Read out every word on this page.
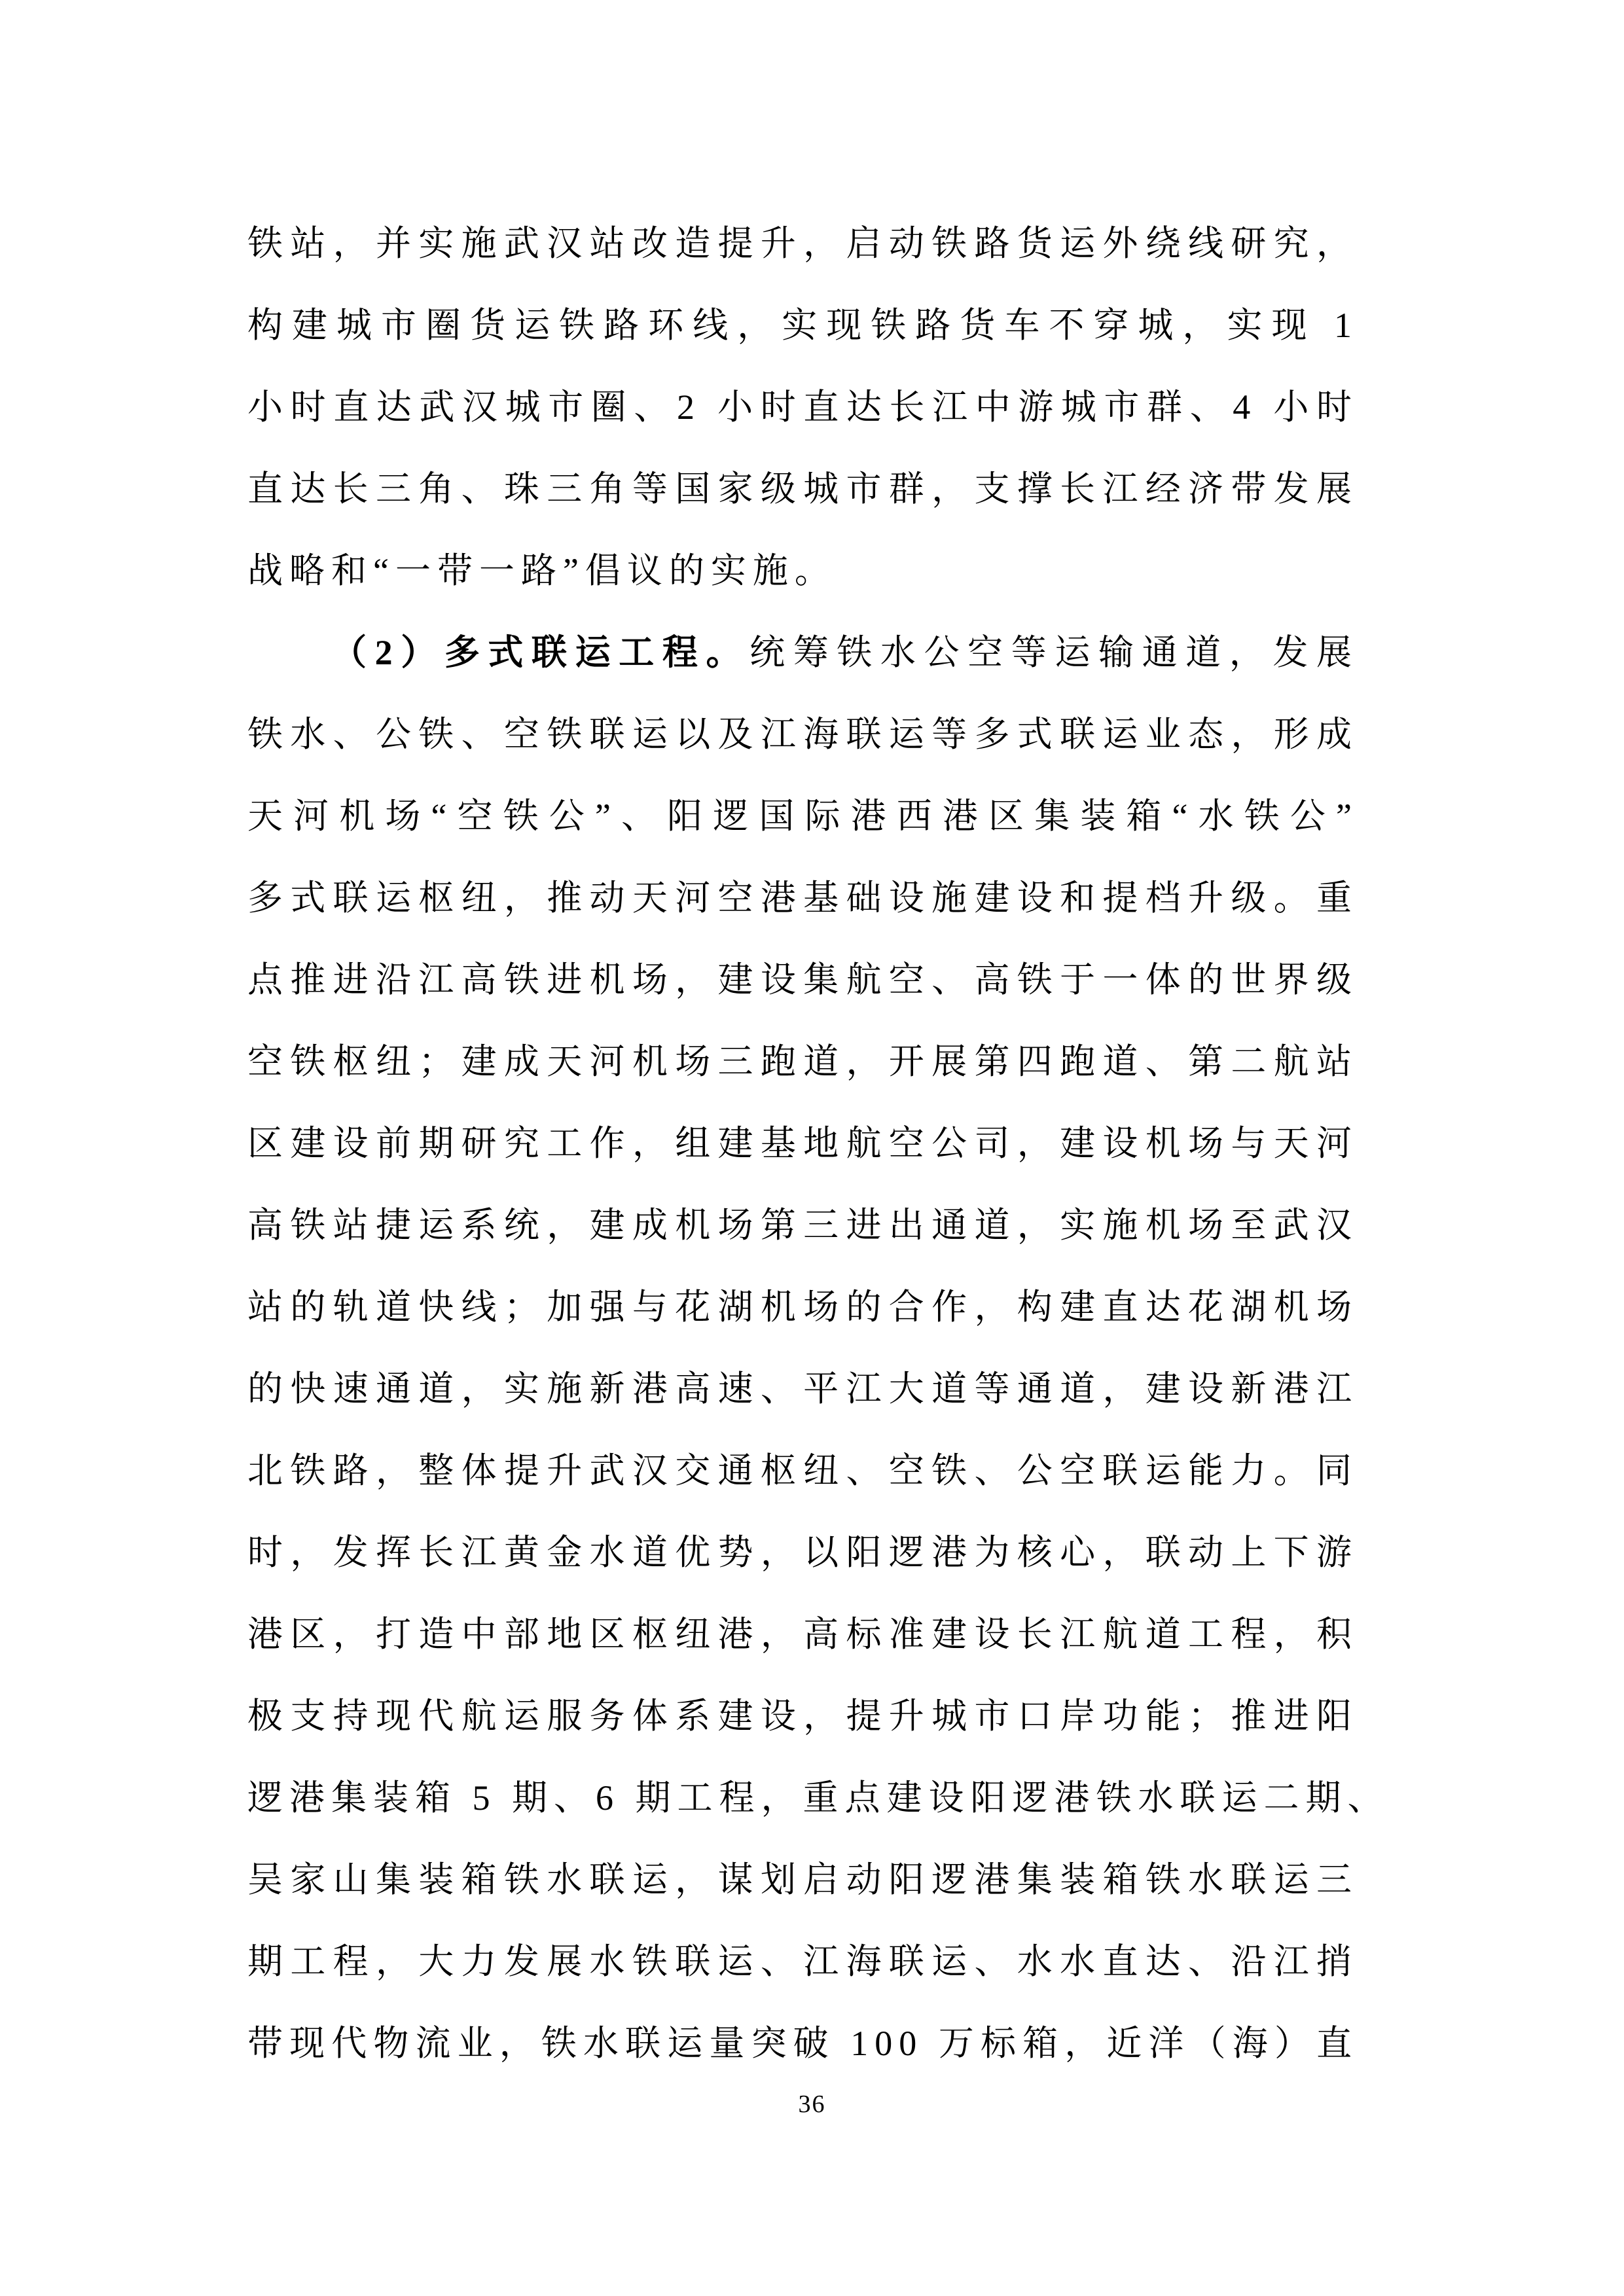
铁站，并实施武汉站改造提升，启动铁路货运外绕线研究，
构建城市圈货运铁路环线，实现铁路货车不穿城，实现 1
小时直达武汉城市圈、2 小时直达长江中游城市群、4 小时
直达长三角、珠三角等国家级城市群，支撑长江经济带发展
战略和“一带一路”倡议的实施。
（2）多式联运工程。统筹铁水公空等运输通道，发展
铁水、公铁、空铁联运以及江海联运等多式联运业态，形成
天河机场“空铁公”、阳逻国际港西港区集装箱“水铁公”
多式联运枢纽，推动天河空港基础设施建设和提档升级。重
点推进沿江高铁进机场，建设集航空、高铁于一体的世界级
空铁枢纽；建成天河机场三跑道，开展第四跑道、第二航站
区建设前期研究工作，组建基地航空公司，建设机场与天河
高铁站捷运系统，建成机场第三进出通道，实施机场至武汉
站的轨道快线；加强与花湖机场的合作，构建直达花湖机场
的快速通道，实施新港高速、平江大道等通道，建设新港江
北铁路，整体提升武汉交通枢纽、空铁、公空联运能力。同
时，发挥长江黄金水道优势，以阳逻港为核心，联动上下游
港区，打造中部地区枢纽港，高标准建设长江航道工程，积
极支持现代航运服务体系建设，提升城市口岸功能；推进阳
逻港集装箱 5 期、6 期工程，重点建设阳逻港铁水联运二期、
吴家山集装箱铁水联运，谋划启动阳逻港集装箱铁水联运三
期工程，大力发展水铁联运、江海联运、水水直达、沿江捎
带现代物流业，铁水联运量突破 100 万标箱，近洋（海）直
36
